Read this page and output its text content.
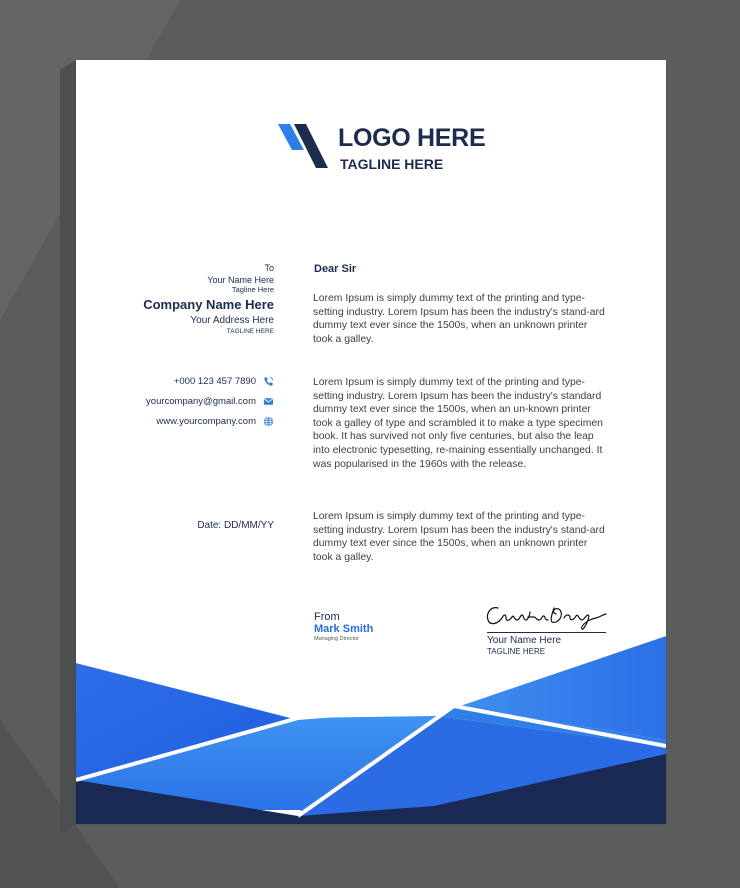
LOGO HERE
TAGLINE HERE
To
Your Name Here
Tagline Here
Company Name Here
Your Address Here
TAGLINE HERE
+000 123 457 7890
yourcompany@gmail.com
www.yourcompany.com
Date: DD/MM/YY
Dear Sir

Lorem Ipsum is simply dummy text of the printing and type-setting industry. Lorem Ipsum has been the industry's stand-ard dummy text ever since the 1500s, when an unknown printer took a galley.

Lorem Ipsum is simply dummy text of the printing and type-setting industry. Lorem Ipsum has been the industry's standard dummy text ever since the 1500s, when an un-known printer took a galley of type and scrambled it to make a type specimen book. It has survived not only five centuries, but also the leap into electronic typesetting, re-maining essentially unchanged. It was popularised in the 1960s with the release.

Lorem Ipsum is simply dummy text of the printing and type-setting industry. Lorem Ipsum has been the industry's stand-ard dummy text ever since the 1500s, when an unknown printer took a galley.

From
Mark Smith
Managing Director	Your Name Here
TAGLINE HERE
